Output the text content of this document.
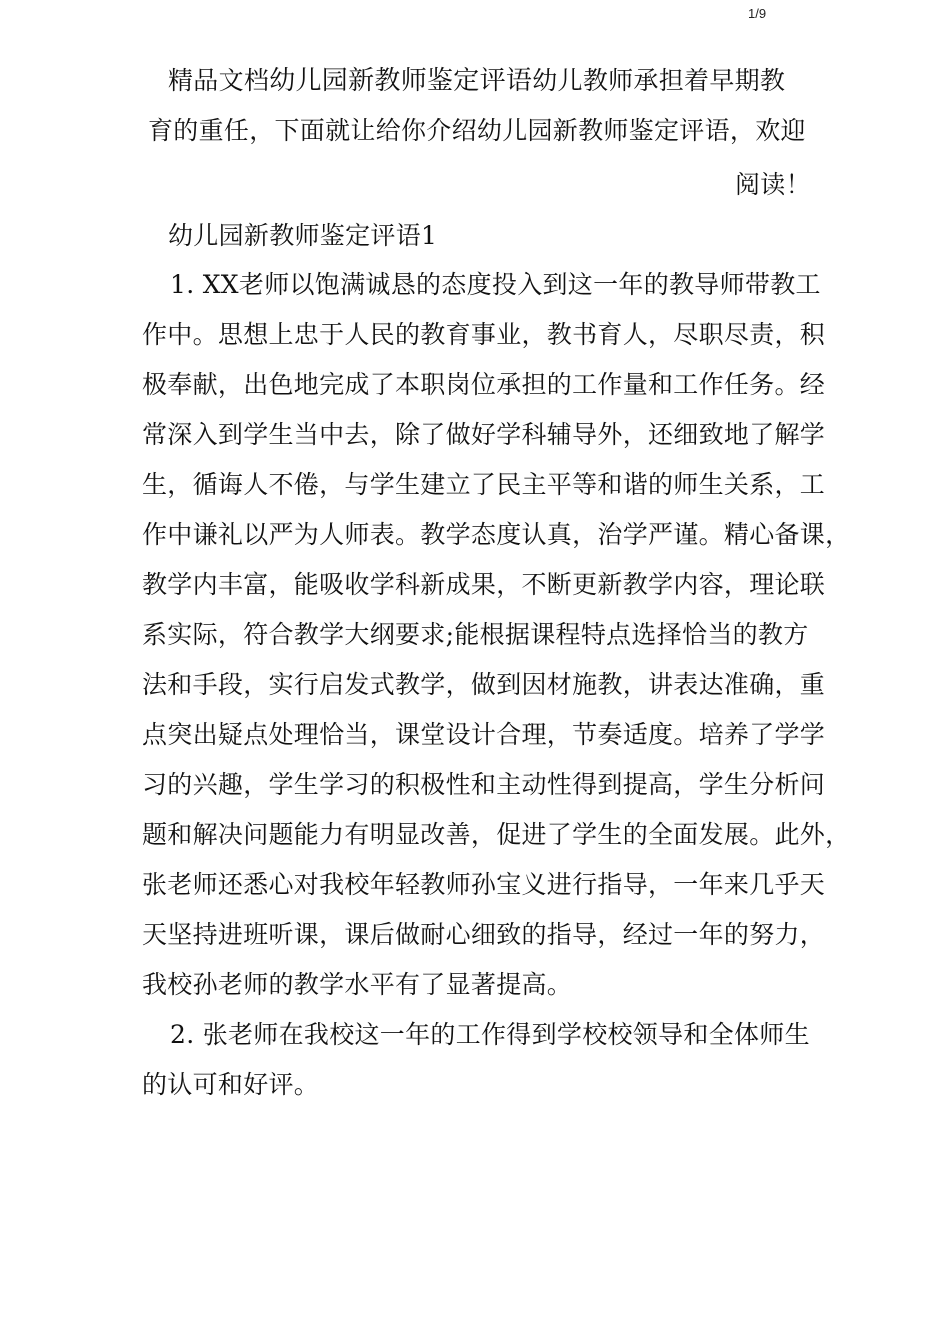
1/9
精品文档幼儿园新教师鉴定评语幼儿教师承担着早期教
育的重任，下面就让给你介绍幼儿园新教师鉴定评语，欢迎
阅读！
幼儿园新教师鉴定评语1
1. XX老师以饱满诚恳的态度投入到这一年的教导师带教工
作中。思想上忠于人民的教育事业，教书育人，尽职尽责，积
极奉献，出色地完成了本职岗位承担的工作量和工作任务。经
常深入到学生当中去，除了做好学科辅导外，还细致地了解学
生，循诲人不倦，与学生建立了民主平等和谐的师生关系，工
作中谦礼以严为人师表。教学态度认真，治学严谨。精心备课，
教学内丰富，能吸收学科新成果，不断更新教学内容，理论联
系实际，符合教学大纲要求;能根据课程特点选择恰当的教方
法和手段，实行启发式教学，做到因材施教，讲表达准确，重
点突出疑点处理恰当，课堂设计合理，节奏适度。培养了学学
习的兴趣，学生学习的积极性和主动性得到提高，学生分析问
题和解决问题能力有明显改善，促进了学生的全面发展。此外，
张老师还悉心对我校年轻教师孙宝义进行指导，一年来几乎天
天坚持进班听课，课后做耐心细致的指导，经过一年的努力，
我校孙老师的教学水平有了显著提高。
2. 张老师在我校这一年的工作得到学校校领导和全体师生
的认可和好评。
